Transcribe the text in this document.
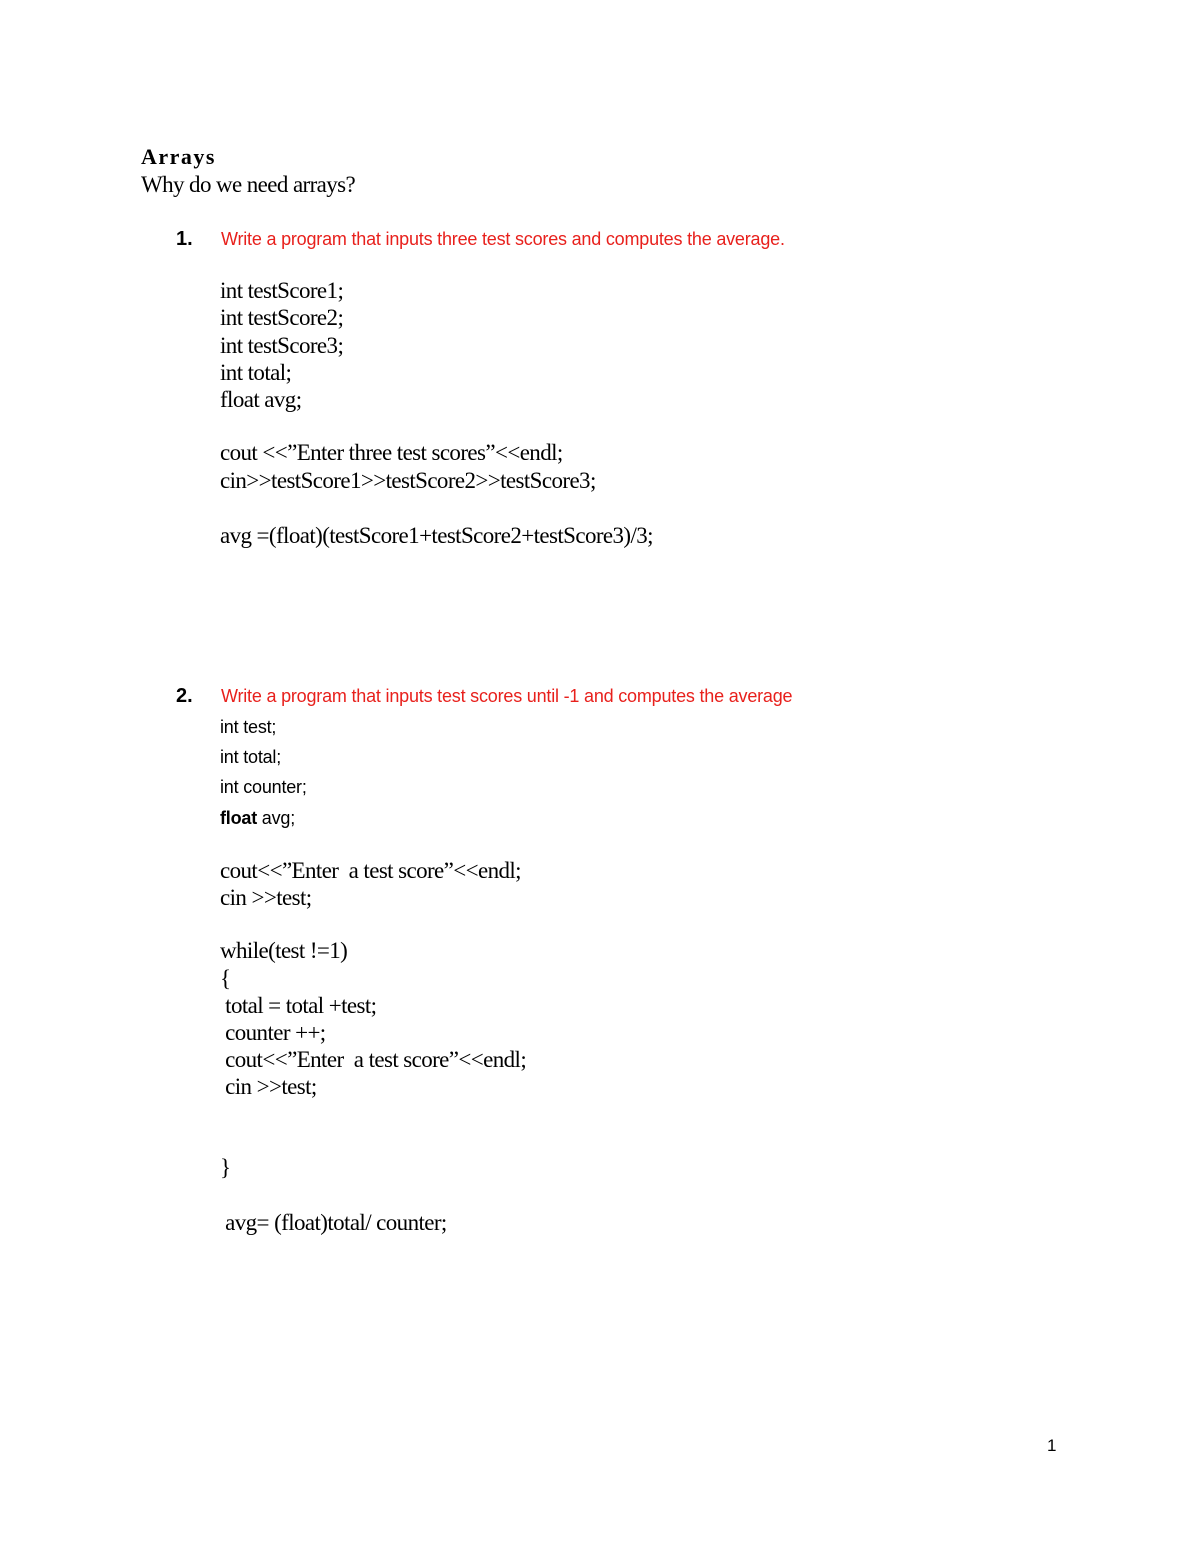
Arrays
Why do we need arrays?
1. Write a program that inputs three test scores and computes the average.
int testScore1;
int testScore2;
int testScore3;
int total;
float avg;
cout <<”Enter three test scores”<<endl;
cin>>testScore1>>testScore2>>testScore3;
avg =(float)(testScore1+testScore2+testScore3)/3;
2. Write a program that inputs test scores until -1 and computes the average
int test;
int total;
int counter;
float avg;
cout<<”Enter  a test score”<<endl;
cin >>test;
while(test !=1)
{
total = total +test;
counter ++;
cout<<”Enter  a test score”<<endl;
cin >>test;
}
avg= (float)total/ counter;
1
